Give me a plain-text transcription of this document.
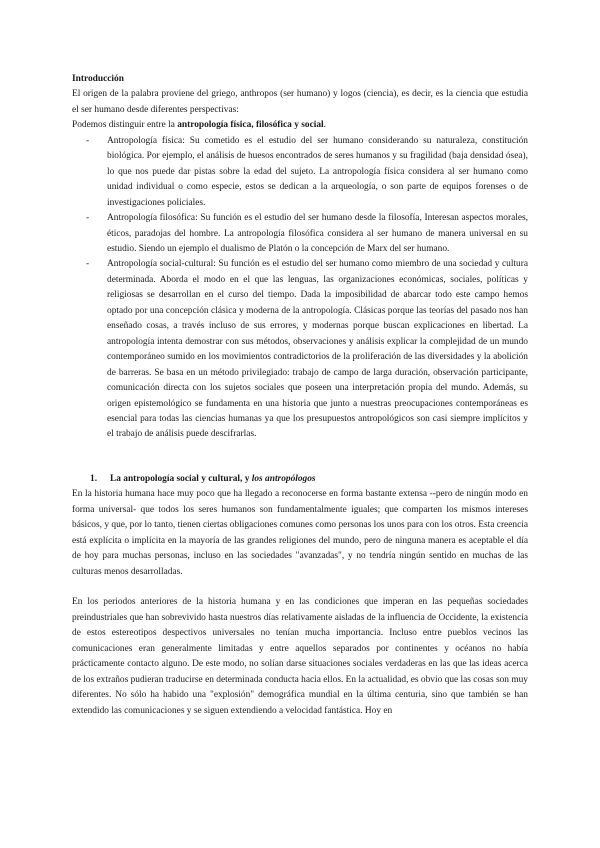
Introducción

El origen de la palabra proviene del griego, anthropos (ser humano) y logos (ciencia), es decir, es la ciencia que estudia el ser humano desde diferentes perspectivas:

Podemos distinguir entre la antropología física, filosófica y social.

- Antropología física: Su cometido es el estudio del ser humano considerando su naturaleza, constitución biológica. Por ejemplo, el análisis de huesos encontrados de seres humanos y su fragilidad (baja densidad ósea), lo que nos puede dar pistas sobre la edad del sujeto. La antropología física considera al ser humano como unidad individual o como especie, estos se dedican a la arqueología, o son parte de equipos forenses o de investigaciones policiales.
- Antropología filosófica: Su función es el estudio del ser humano desde la filosofía, Interesan aspectos morales, éticos, paradojas del hombre. La antropología filosófica considera al ser humano de manera universal en su estudio. Siendo un ejemplo el dualismo de Platón o la concepción de Marx del ser humano.
- Antropología social-cultural: Su función es el estudio del ser humano como miembro de una sociedad y cultura determinada. Aborda el modo en el que las lenguas, las organizaciones económicas, sociales, políticas y religiosas se desarrollan en el curso del tiempo. Dada la imposibilidad de abarcar todo este campo hemos optado por una concepción clásica y moderna de la antropología. Clásicas porque las teorías del pasado nos han enseñado cosas, a través incluso de sus errores, y modernas porque buscan explicaciones en libertad. La antropología intenta demostrar con sus métodos, observaciones y análisis explicar la complejidad de un mundo contemporáneo sumido en los movimientos contradictorios de la proliferación de las diversidades y la abolición de barreras. Se basa en un método privilegiado: trabajo de campo de larga duración, observación participante, comunicación directa con los sujetos sociales que poseen una interpretación propia del mundo. Además, su origen epistemológico se fundamenta en una historia que junto a nuestras preocupaciones contemporáneas es esencial para todas las ciencias humanas ya que los presupuestos antropológicos son casi siempre implícitos y el trabajo de análisis puede descifrarlas.

1. La antropología social y cultural, y los antropólogos

En la historia humana hace muy poco que ha llegado a reconocerse en forma bastante extensa --pero de ningún modo en forma universal- que todos los seres humanos son fundamentalmente iguales; que comparten los mismos intereses básicos, y que, por lo tanto, tienen ciertas obligaciones comunes como personas los unos para con los otros. Esta creencia está explícita o implícita en la mayoría de las grandes religiones del mundo, pero de ninguna manera es aceptable el día de hoy para muchas personas, incluso en las sociedades "avanzadas", y no tendría ningún sentido en muchas de las culturas menos desarrolladas.

En los periodos anteriores de la historia humana y en las condiciones que imperan en las pequeñas sociedades preindustriales que han sobrevivido hasta nuestros días relativamente aisladas de la influencia de Occidente, la existencia de estos estereotipos despectivos universales no tenían mucha importancia. Incluso entre pueblos vecinos las comunicaciones eran generalmente limitadas y entre aquellos separados por continentes y océanos no había prácticamente contacto alguno. De este modo, no solían darse situaciones sociales verdaderas en las que las ideas acerca de los extraños pudieran traducirse en determinada conducta hacia ellos. En la actualidad, es obvio que las cosas son muy diferentes. No sólo ha habido una "explosión" demográfica mundial en la última centuria, sino que también se han extendido las comunicaciones y se siguen extendiendo a velocidad fantástica. Hoy en
